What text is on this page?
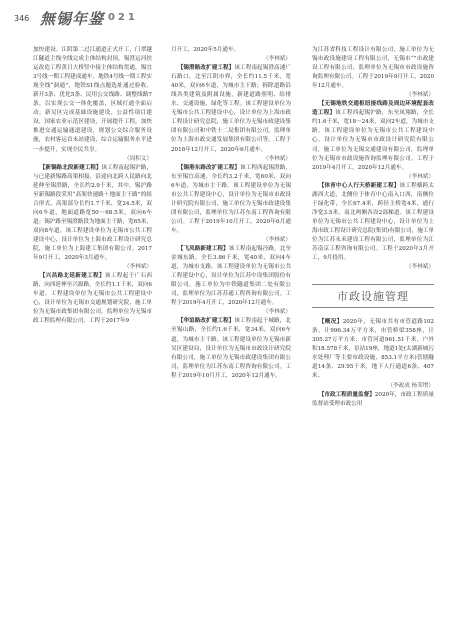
346 無锡年鉴
2021

加快建设。江阴第二过江通道正式开工，门翠越江隧道主线全线完成主体结构封顶，锡澄运河扶运改造工程黄日大桥竖中接主体结构贯通，锡宜3号线一期工程建成通车，地铁4号线一期工程实现全线“洞通”，地铁S1线点题选址通过验收，新开3条、优化5条、民用公交线路、调整线路7条，以实现公交一体化覆盖，区域打通全面启动。新吴区完成基础设施建设、公益性项目建设、国家农业示范区建设，开展提升工程，加快推进交通运输通道建设，规划公交综合服务设施，农村客运首末站建设，综合运输服务水平进一步提升，实现全民共享。

（周积义）

【新锡路北段新建工程】该工程南起锡沪路，与已建新锡路高架相接，沿途向北跨人民路向北延伸至锡澄路，全长约2.9千米，其中，锡沪路至新锡路段采用“高架快速路＋地面主干路”的组合形式，高架部分长约1.7千米，宽24.5米，双向6车道，地面道路宽50～68.5米，双向6车道；锡沪路至锡澄路段为地面主干路，宽65米，双向8车道。该工程建设单位为无锡市公共工程建设中心，设计单位为上海市政工程设计研究总院，施工单位为上海建工集团有限公司。2017年9月开工，2020年3月通车。

（李林斌）

【兴昌路北延新建工程】该工程起于广石西路，向西延伸至兴源路，全长约1.1千米，双向6车道。工程建设单位为无锡市公共工程建设中心，设计单位为无锡市交通规划研究院，施工单位为无锡市政集团有限公司，监理单位为无锡市政工程监理有限公司。工程于2017年9

月开工，2020年5月通车。

（李林斌）

【锡澄路改扩建工程】该工程南起锡澄高速广石路口，北至江阴市界，全长约11.5千米，宽40米，双向6车道，为城市主干路；拆除道路沿线各类建筑及附属设施，新建道路照明、给排水、交通设施、绿化等工程。该工程建设单位为无锡市公共工程建设中心，设计单位为上海市政工程设计研究总院，施工单位为无锡市政建设集团有限公司和中铁十二局集团有限公司，监理单位为上海市政交通发展集团有限公司等。工程于2018年12月开工，2020年6月通车。

（李林斌）

【锡港东路改扩建工程】该工程西起锡澄路，东至锡宜高速，全长约3.2千米，宽60米，双向6车道，为城市主干路。该工程建设单位为无锡市公共工程建设中心，设计单位为无锡市市政设计研究院有限公司，施工单位为无锡市政建设集团有限公司，监理单位为江苏东南工程咨询有限公司。工程于2019年10月开工，2020年6月通车。

（李林斌）

【飞凤路新建工程】该工程南起锡泾路，北至金城东路，全长3.86千米，宽40米，双向4车道，为城市支路。该工程建设单位为无锡市公共工程建设中心，设计单位为江苏中设集团股份有限公司，施工单位为中铁隧道集团二处有限公司，监理单位为江苏苏通工程咨询有限公司。工程于2019年4月开工，2020年12月通车。

（李林斌）

【华谊路改扩建工程】该工程南起干城路，北至锡山路，全长约1.6千米，宽34米，双向6车道，为城市主干路。该工程建设单位为无锡市新吴区建设局，设计单位为无锡市市政设计研究院有限公司，施工单位为无锡市政建设集团有限公司，监理单位为江苏东南工程咨询有限公司。工程于2019年10月开工，2020年12月通车。

为江苏省科技工程设计有限公司，施工单位为无锡市政设施建设工程有限公司，无锡市“”市政建设工程有限公司，监理单位为无锡市市政设施咨询监理有限公司。工程于2019年9月开工，2020年12月通车。

（李林斌）

【无锡地铁交通枢纽接线路及周边环境配套改造工程】该工程西起锡沪路，东至凤翔路，全长约1.6千米，宽18～24米，双向2车道，为城市支路。该工程建设单位为无锡市公共工程建设中心，设计单位为无锡市市政设计研究院有限公司，施工单位为无锡交通建设有限公司，监理单位为无锡市市政设施咨询监理有限公司。工程于2019年4月开工，2020年12月通车。

（李林斌）

【体育中心人行天桥新建工程】该工程横跨太湖西大道，北侧位于体育中心南入口西，南侧位于绿化带，全长67.4米，跨径主桥宽4米，通行净宽3.5米，南北两侧各设2部梯道。该工程建设单位为无锡市公共工程建设中心，设计单位为上海市政工程设计研究总院(集团)有限公司，施工单位为江苏永禾建设工程有限公司，监理单位为江苏南京工程咨询有限公司。工程于2020年3月开工，9月投用。

（李林斌）

市政设施管理

【概况】2020年，无锡市共有市管道路102条，计996.34万平方米，市管桥梁358座，计305.27万平方米；市管河道961.51千米，户外积18.578千米，泵站19座，地道1处(太湖新城污水处理厂等主要市政设施，853.1平方米)管辖隧道14条、29.95千米，地下人行通道6条、407米。

（李政成 杨荣增）

【市政工程质量监督】2020年，市政工程质量监督站受理市政公用
